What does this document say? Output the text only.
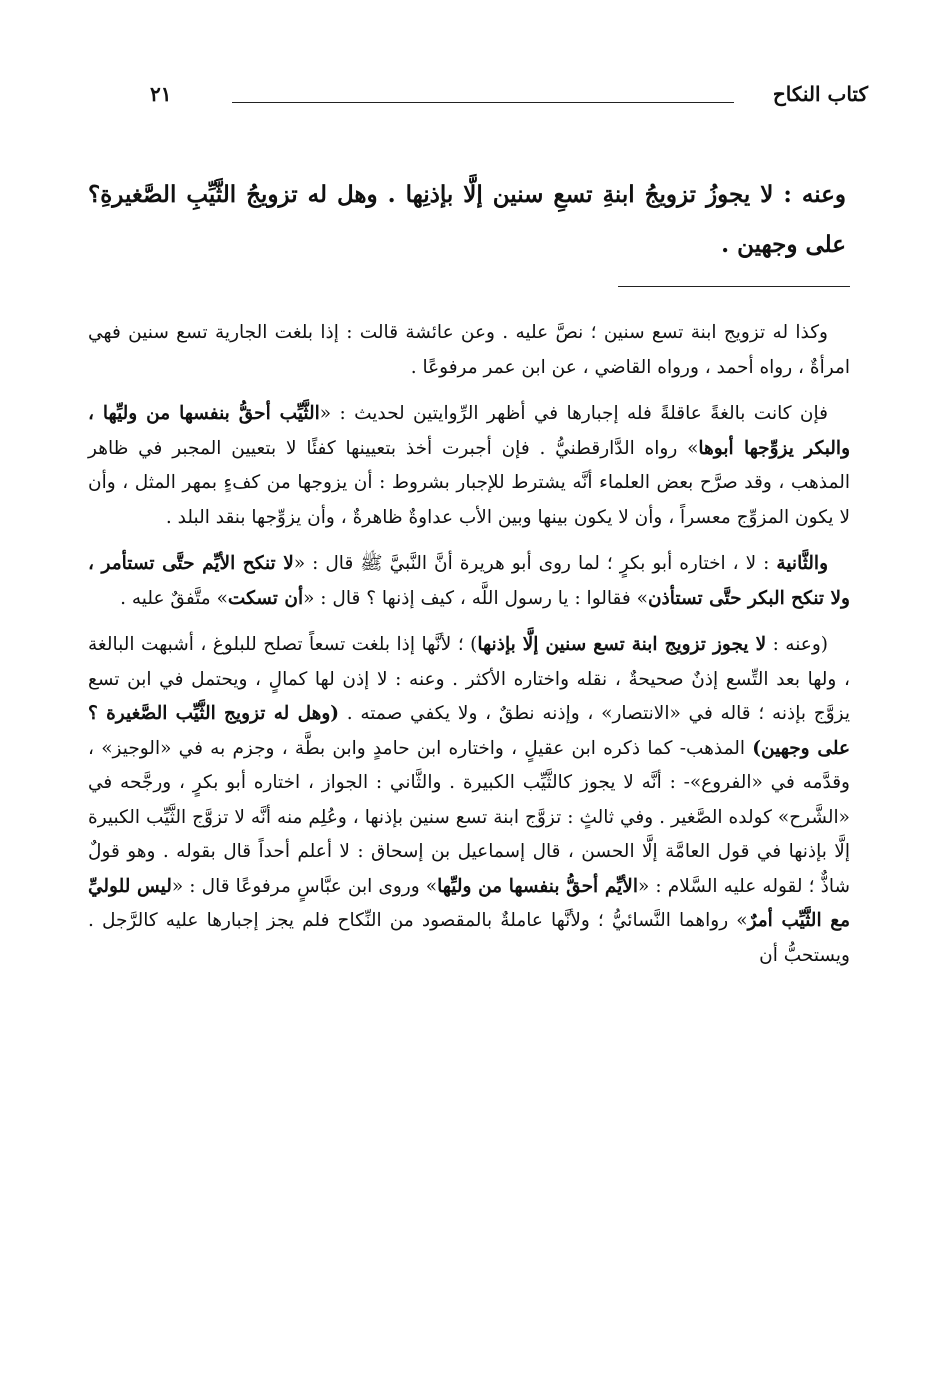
كتاب النكاح
٢١
وعنه : لا يجوزُ تزويجُ ابنةِ تسعِ سنين إلَّا بإذنِها . وهل له تزويجُ الثَّيِّبِ الصَّغيرةِ؟ على وجهين .

وكذا له تزويج ابنة تسع سنين ؛ نصَّ عليه . وعن عائشة قالت : إذا بلغت الجارية تسع سنين فهي امرأةٌ ، رواه أحمد ، ورواه القاضي ، عن ابن عمر مرفوعًا .

فإن كانت بالغةً عاقلةً فله إجبارها في أظهر الرِّوايتين لحديث : «الثَّيِّب أحقُّ بنفسها من وليِّها ، والبكر يزوِّجها أبوها» رواه الدَّارقطنيُّ . فإن أجبرت أخذ بتعيينها كفئًا لا بتعيين المجبر في ظاهر المذهب ، وقد صرَّح بعض العلماء أنَّه يشترط للإجبار بشروط : أن يزوجها من كفءٍ بمهر المثل ، وأن لا يكون المزوِّج معسراً ، وأن لا يكون بينها وبين الأب عداوةٌ ظاهرةٌ ، وأن يزوِّجها بنقد البلد .

والثَّانية : لا ، اختاره أبو بكرٍ ؛ لما روى أبو هريرة أنَّ النَّبيَّ ﷺ قال : «لا تنكح الأيِّم حتَّى تستأمر ، ولا تنكح البكر حتَّى تستأذن» فقالوا : يا رسول اللَّه ، كيف إذنها ؟ قال : «أن تسكت» متَّفقٌ عليه .

(وعنه : لا يجوز تزويج ابنة تسع سنين إلَّا بإذنها) ؛ لأنَّها إذا بلغت تسعاً تصلح للبلوغ ، أشبهت البالغة ، ولها بعد التِّسع إذنٌ صحيحةٌ ، نقله واختاره الأكثر . وعنه : لا إذن لها كمالٍ ، ويحتمل في ابن تسع يزوَّج بإذنه ؛ قاله في «الانتصار» ، وإذنه نطقٌ ، ولا يكفي صمته . (وهل له تزويج الثَّيِّب الصَّغيرة ؟ على وجهين) المذهب- كما ذكره ابن عقيلٍ ، واختاره ابن حامدٍ وابن بطَّة ، وجزم به في «الوجيز» ، وقدَّمه في «الفروع»- : أنَّه لا يجوز كالثَّيِّب الكبيرة . والثَّاني : الجواز ، اختاره أبو بكرٍ ، ورجَّحه في «الشَّرح» كولده الصَّغير . وفي ثالثٍ : تزوَّج ابنة تسع سنين بإذنها ، وعُلِم منه أنَّه لا تزوَّج الثَّيِّب الكبيرة إلَّا بإذنها في قول العامَّة إلَّا الحسن ، قال إسماعيل بن إسحاق : لا أعلم أحداً قال بقوله . وهو قولٌ شاذٌّ ؛ لقوله عليه السَّلام : «الأيِّم أحقُّ بنفسها من وليِّها» وروى ابن عبَّاسٍ مرفوعًا قال : «ليس للوليِّ مع الثَّيِّب أمرٌ» رواهما النَّسائيُّ ؛ ولأنَّها عاملةٌ بالمقصود من النِّكاح فلم يجز إجبارها عليه كالرَّجل . ويستحبُّ أن
